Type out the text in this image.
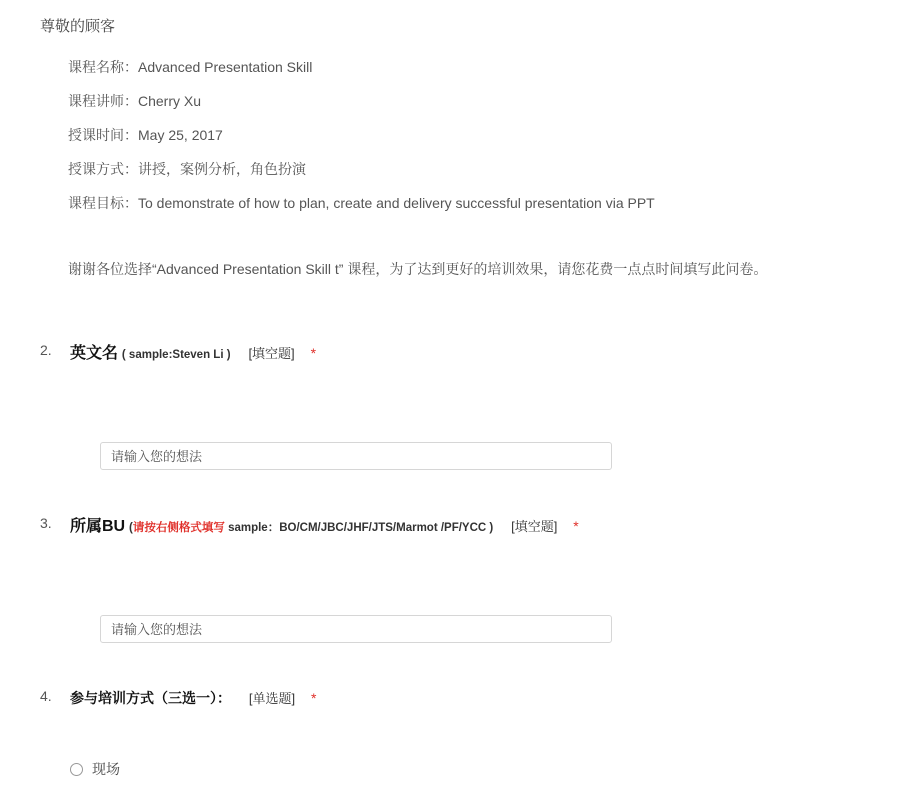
尊敬的顾客
课程名称：Advanced Presentation Skill
课程讲师：Cherry Xu
授课时间：May 25, 2017
授课方式：讲授，案例分析，角色扮演
课程目标：To demonstrate of how to plan, create and delivery successful presentation via PPT
谢谢各位选择“Advanced Presentation Skill t” 课程，为了达到更好的培训效果，请您花费一点点时间填写此问卷。
2. 英文名 ( sample:Steven Li ) [填空题] *
请输入您的想法
3. 所属BU (请按右侧格式填写 sample：BO/CM/JBC/JHF/JTS/Marmot /PF/YCC ) [填空题] *
请输入您的想法
4. 参与培训方式（三选一）： [单选题] *
现场
